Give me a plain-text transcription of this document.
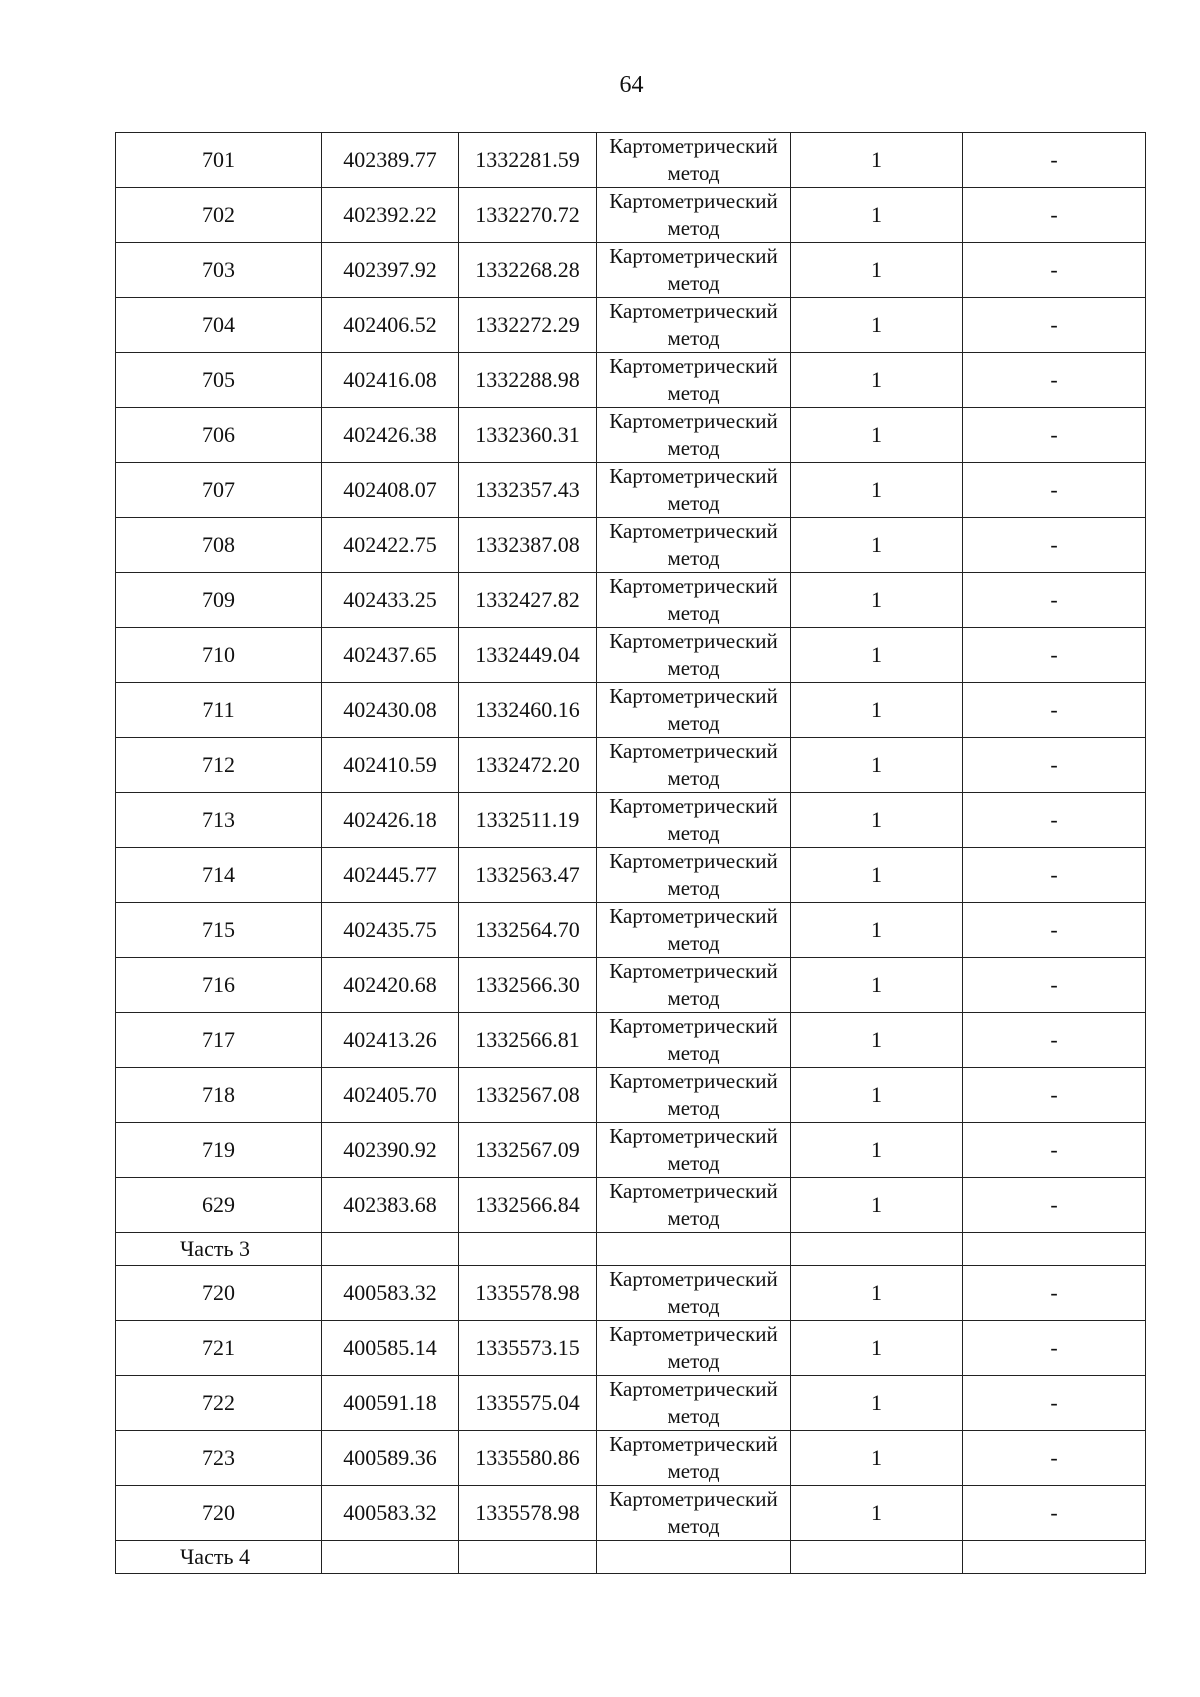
64
701	402389.77	1332281.59	Картометрический метод	1	-
702	402392.22	1332270.72	Картометрический метод	1	-
703	402397.92	1332268.28	Картометрический метод	1	-
704	402406.52	1332272.29	Картометрический метод	1	-
705	402416.08	1332288.98	Картометрический метод	1	-
706	402426.38	1332360.31	Картометрический метод	1	-
707	402408.07	1332357.43	Картометрический метод	1	-
708	402422.75	1332387.08	Картометрический метод	1	-
709	402433.25	1332427.82	Картометрический метод	1	-
710	402437.65	1332449.04	Картометрический метод	1	-
711	402430.08	1332460.16	Картометрический метод	1	-
712	402410.59	1332472.20	Картометрический метод	1	-
713	402426.18	1332511.19	Картометрический метод	1	-
714	402445.77	1332563.47	Картометрический метод	1	-
715	402435.75	1332564.70	Картометрический метод	1	-
716	402420.68	1332566.30	Картометрический метод	1	-
717	402413.26	1332566.81	Картометрический метод	1	-
718	402405.70	1332567.08	Картометрический метод	1	-
719	402390.92	1332567.09	Картометрический метод	1	-
629	402383.68	1332566.84	Картометрический метод	1	-
Часть 3					
720	400583.32	1335578.98	Картометрический метод	1	-
721	400585.14	1335573.15	Картометрический метод	1	-
722	400591.18	1335575.04	Картометрический метод	1	-
723	400589.36	1335580.86	Картометрический метод	1	-
720	400583.32	1335578.98	Картометрический метод	1	-
Часть 4					
